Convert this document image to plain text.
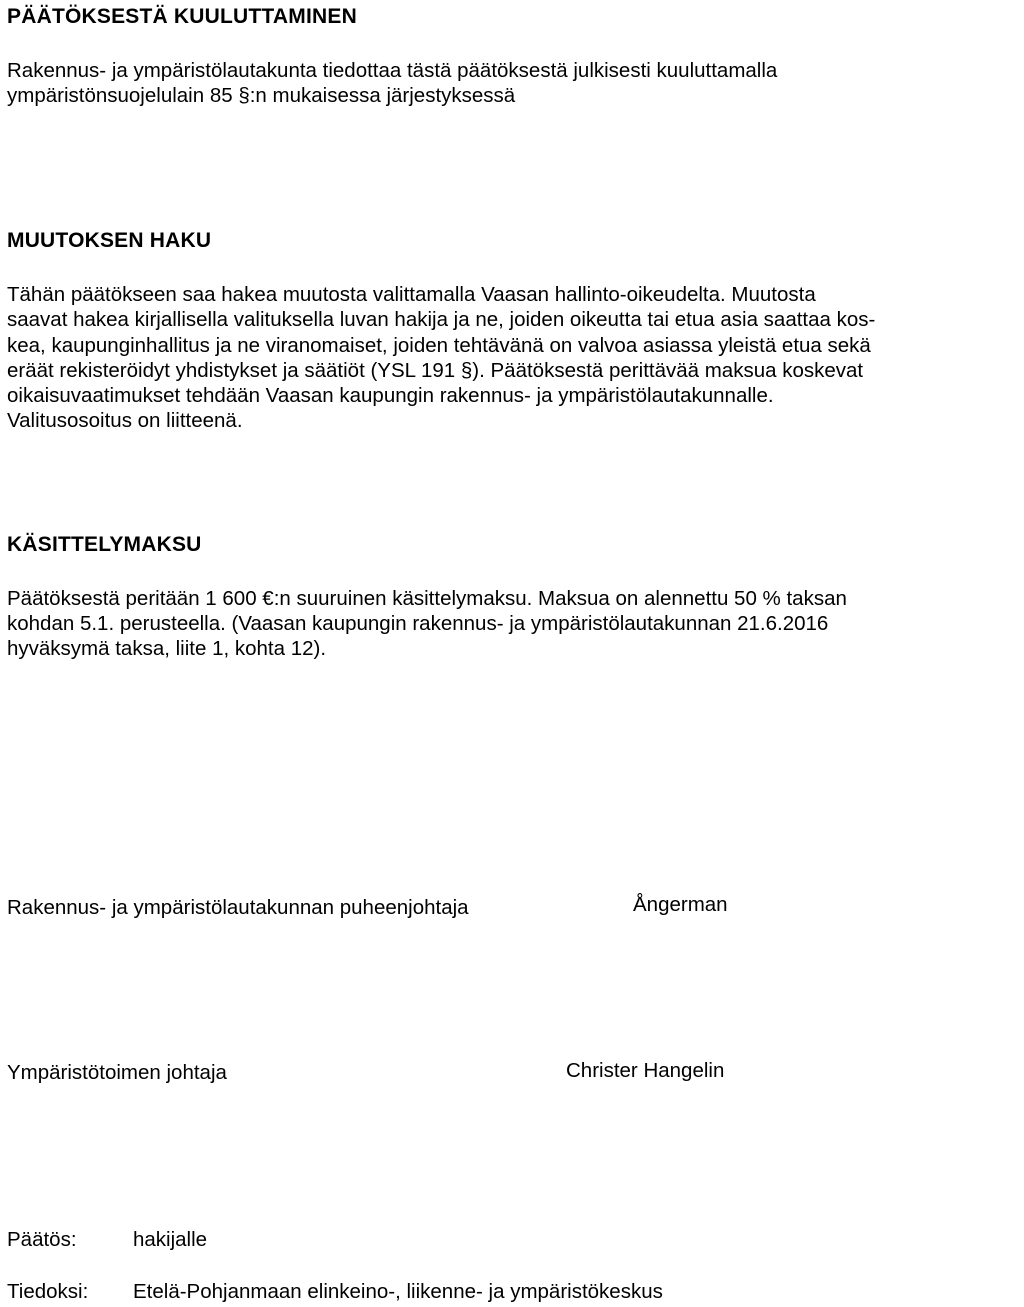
PÄÄTÖKSESTÄ KUULUTTAMINEN

Rakennus- ja ympäristölautakunta tiedottaa tästä päätöksestä julkisesti kuuluttamalla
ympäristönsuojelulain 85 §:n mukaisessa järjestyksessä

MUUTOKSEN HAKU

Tähän päätökseen saa hakea muutosta valittamalla Vaasan hallinto-oikeudelta. Muutosta
saavat hakea kirjallisella valituksella luvan hakija ja ne, joiden oikeutta tai etua asia saattaa kos-
kea, kaupunginhallitus ja ne viranomaiset, joiden tehtävänä on valvoa asiassa yleistä etua sekä
eräät rekisteröidyt yhdistykset ja säätiöt (YSL 191 §). Päätöksestä perittävää maksua koskevat
oikaisuvaatimukset tehdään Vaasan kaupungin rakennus- ja ympäristölautakunnalle.
Valitusosoitus on liitteenä.

KÄSITTELYMAKSU

Päätöksestä peritään 1 600 €:n suuruinen käsittelymaksu. Maksua on alennettu 50 % taksan
kohdan 5.1. perusteella. (Vaasan kaupungin rakennus- ja ympäristölautakunnan 21.6.2016
hyväksymä taksa, liite 1, kohta 12).

Rakennus- ja ympäristölautakunnan puheenjohtaja	Ångerman
Ympäristötoimen johtaja	Christer Hangelin
Päätös:	hakijalle
Tiedoksi: Etelä-Pohjanmaan elinkeino-, liikenne- ja ympäristökeskus
